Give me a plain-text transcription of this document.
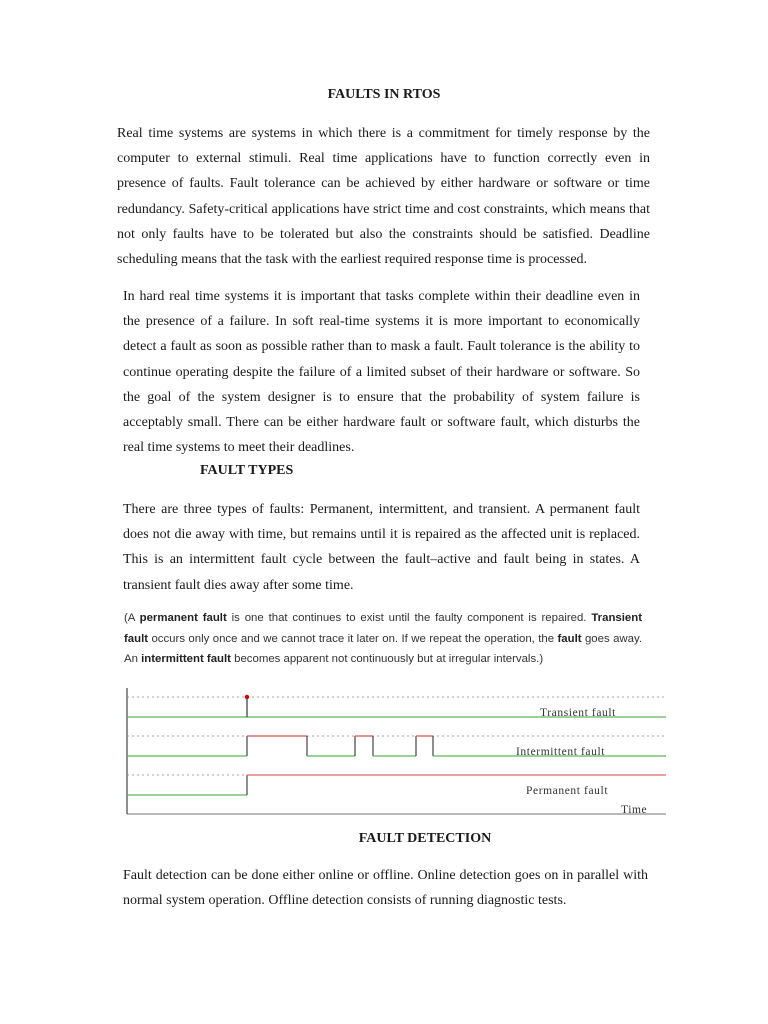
FAULTS IN RTOS

Real time systems are systems in which there is a commitment for timely response by the computer to external stimuli. Real time applications have to function correctly even in presence of faults. Fault tolerance can be achieved by either hardware or software or time redundancy. Safety-critical applications have strict time and cost constraints, which means that not only faults have to be tolerated but also the constraints should be satisfied. Deadline scheduling means that the task with the earliest required response time is processed.

In hard real time systems it is important that tasks complete within their deadline even in the presence of a failure. In soft real-time systems it is more important to economically detect a fault as soon as possible rather than to mask a fault. Fault tolerance is the ability to continue operating despite the failure of a limited subset of their hardware or software. So the goal of the system designer is to ensure that the probability of system failure is acceptably small. There can be either hardware fault or software fault, which disturbs the real time systems to meet their deadlines.

FAULT TYPES

There are three types of faults: Permanent, intermittent, and transient. A permanent fault does not die away with time, but remains until it is repaired as the affected unit is replaced. This is an intermittent fault cycle between the fault–active and fault being in states. A transient fault dies away after some time.

(A permanent fault is one that continues to exist until the faulty component is repaired. Transient fault occurs only once and we cannot trace it later on. If we repeat the operation, the fault goes away. An intermittent fault becomes apparent not continuously but at irregular intervals.)

Transient fault
Intermittent fault
Permanent fault
Time
FAULT DETECTION

Fault detection can be done either online or offline. Online detection goes on in parallel with normal system operation. Offline detection consists of running diagnostic tests.
